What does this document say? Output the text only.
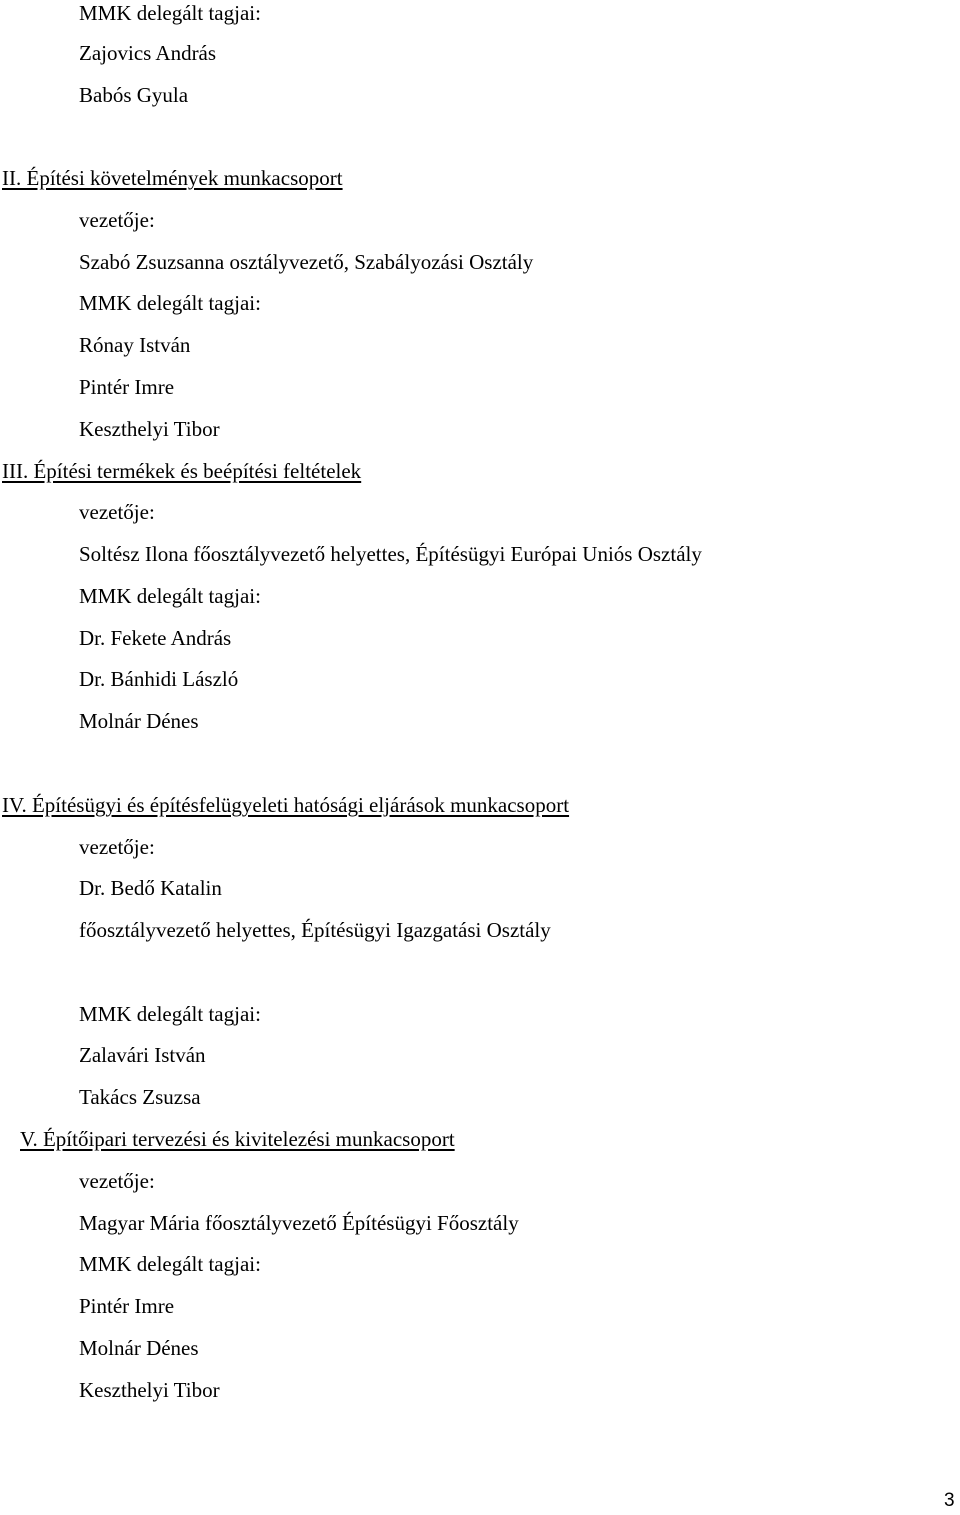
MMK delegált tagjai:
Zajovics András
Babós Gyula
II. Építési követelmények munkacsoport
vezetője:
Szabó Zsuzsanna osztályvezető, Szabályozási Osztály
MMK delegált tagjai:
Rónay István
Pintér Imre
Keszthelyi Tibor
III. Építési termékek és beépítési feltételek
vezetője:
Soltész Ilona főosztályvezető helyettes, Építésügyi Európai Uniós Osztály
MMK delegált tagjai:
Dr. Fekete András
Dr. Bánhidi László
Molnár Dénes
IV. Építésügyi és építésfelügyeleti hatósági eljárások munkacsoport
vezetője:
Dr. Bedő Katalin
főosztályvezető helyettes, Építésügyi Igazgatási Osztály
MMK delegált tagjai:
Zalavári István
Takács Zsuzsa
V. Építőipari tervezési és kivitelezési munkacsoport
vezetője:
Magyar Mária főosztályvezető Építésügyi Főosztály
MMK delegált tagjai:
Pintér Imre
Molnár Dénes
Keszthelyi Tibor
3
